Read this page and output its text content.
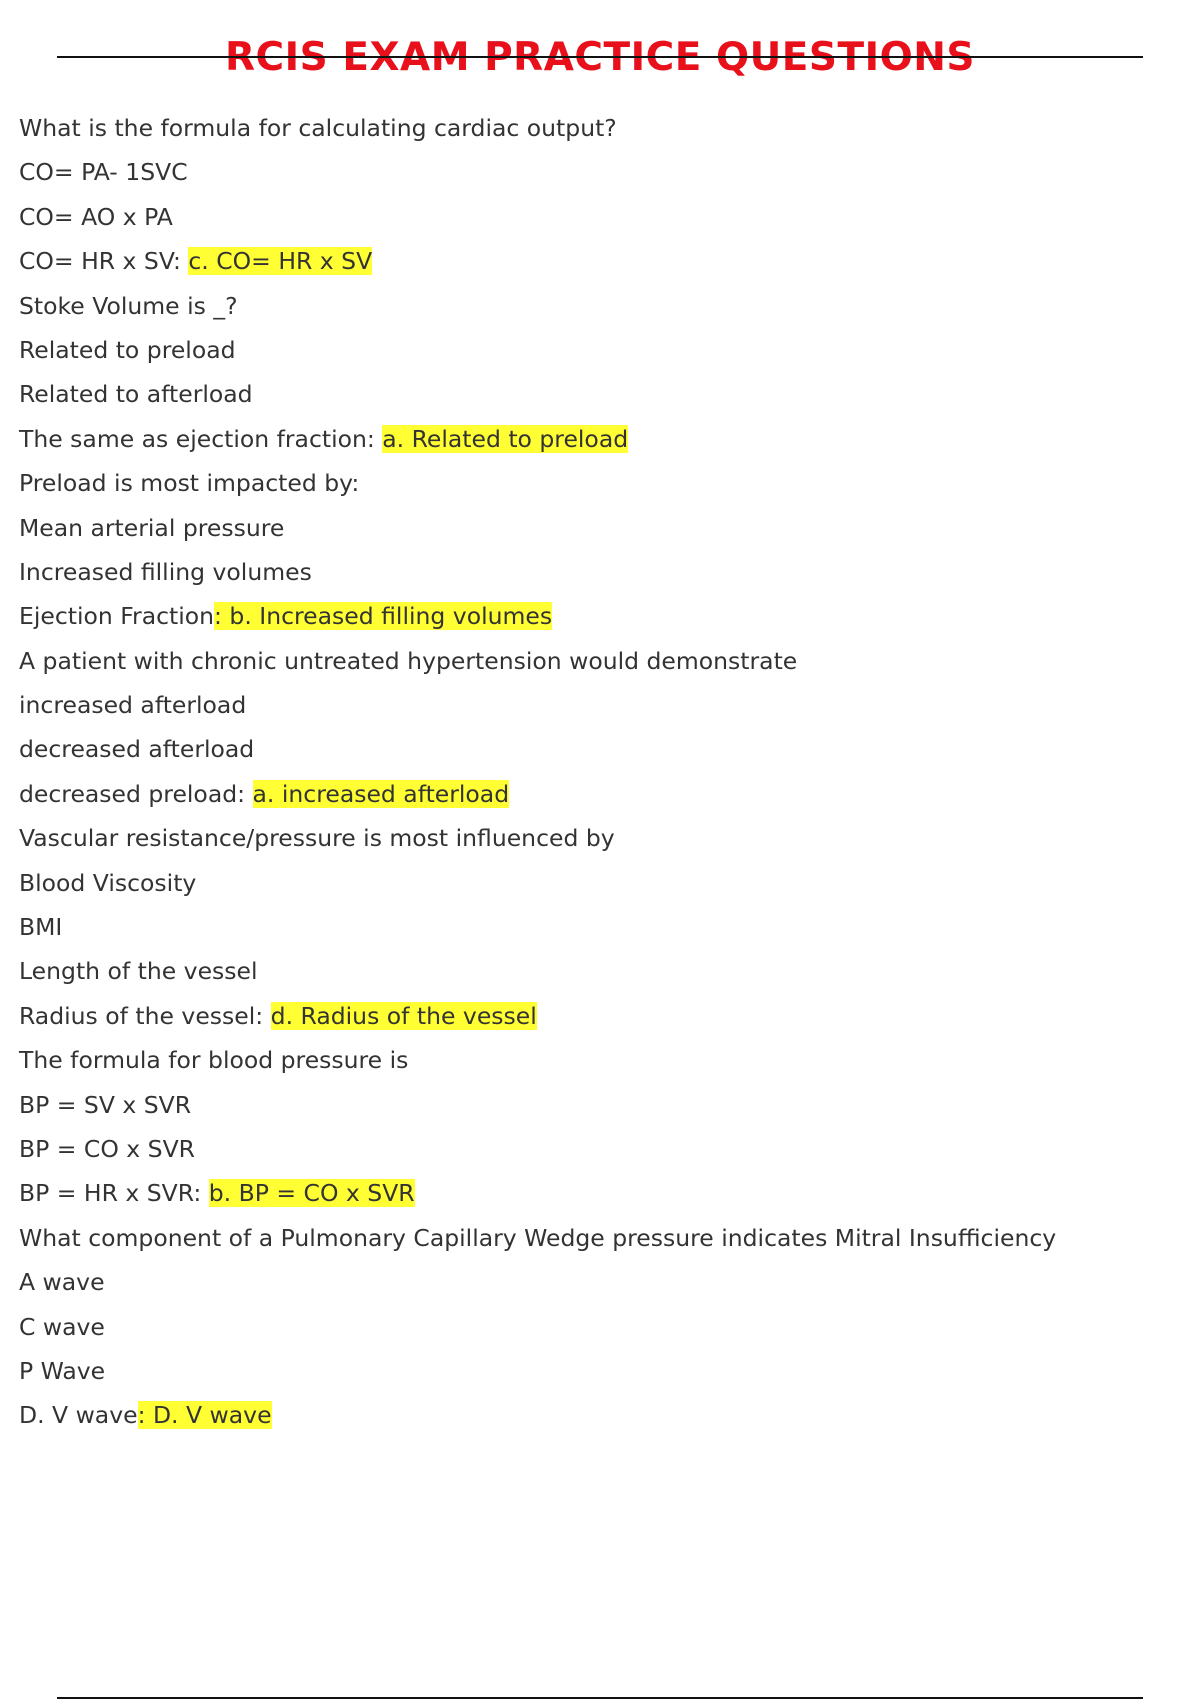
RCIS EXAM PRACTICE QUESTIONS
What is the formula for calculating cardiac output?
CO= PA- 1SVC
CO= AO x PA
CO= HR x SV: c. CO= HR x SV
Stoke Volume is _?
Related to preload
Related to afterload
The same as ejection fraction: a. Related to preload
Preload is most impacted by:
Mean arterial pressure
Increased filling volumes
Ejection Fraction: b. Increased filling volumes
A patient with chronic untreated hypertension would demonstrate
increased afterload
decreased afterload
decreased preload: a. increased afterload
Vascular resistance/pressure is most influenced by
Blood Viscosity
BMI
Length of the vessel
Radius of the vessel: d. Radius of the vessel
The formula for blood pressure is
BP = SV x SVR
BP = CO x SVR
BP = HR x SVR: b. BP = CO x SVR
What component of a Pulmonary Capillary Wedge pressure indicates Mitral Insufficiency
A wave
C wave
P Wave
D. V wave: D. V wave
